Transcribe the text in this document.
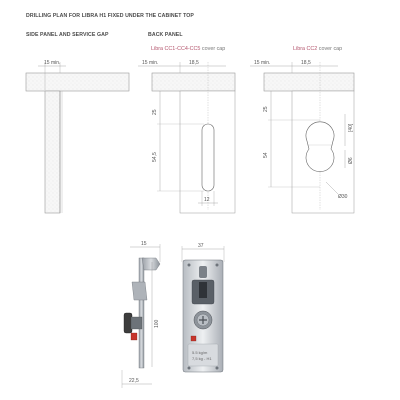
DRILLING PLAN FOR LIBRA H1 FIXED UNDER THE CABINET TOP
SIDE PANEL AND SERVICE GAP	BACK PANEL
Libra CC1-CC4-CC5 cover cap	Libra CC2 cover cap
15 min.	15 min.	18,5
25
54,5
12
15 min.	18,5
25
54
[40]
Ø6
Ø30
15
100
22,5
37
5.5 kg/m
7,5 kg - H1
